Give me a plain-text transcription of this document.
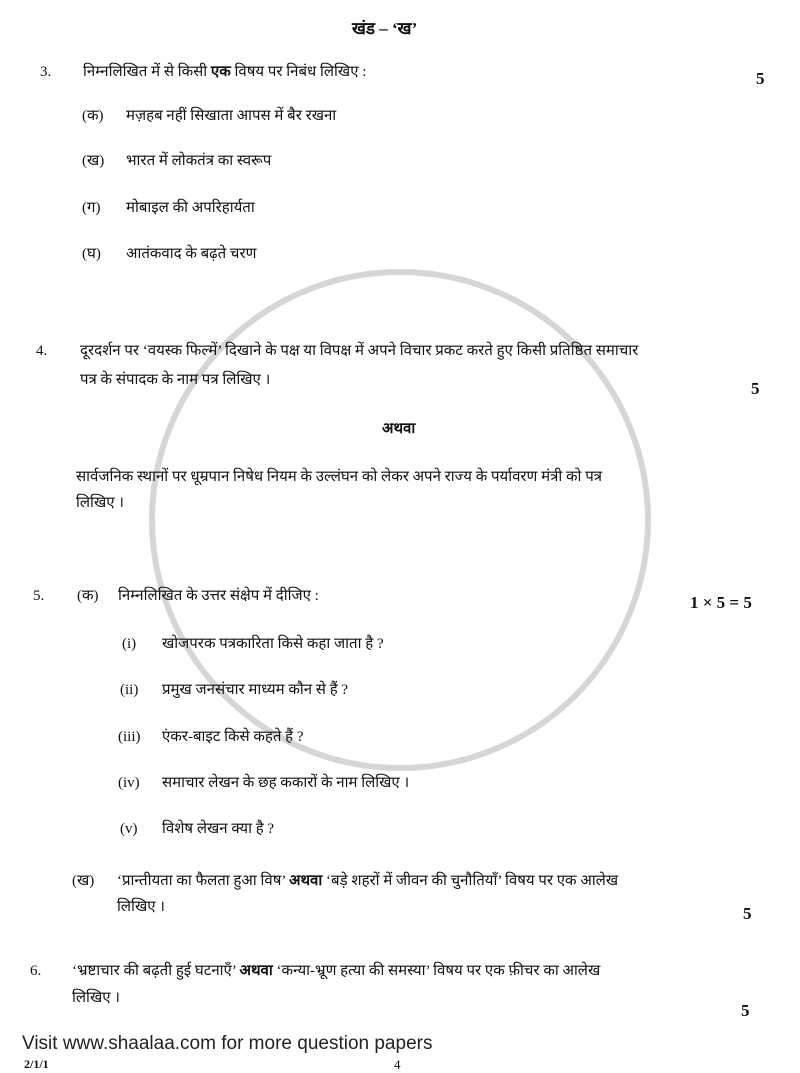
खंड – ‘ख’
3. निम्नलिखित में से किसी एक विषय पर निबंध लिखिए :	5
(क) मज़हब नहीं सिखाता आपस में बैर रखना
(ख) भारत में लोकतंत्र का स्वरूप
(ग) मोबाइल की अपरिहार्यता
(घ) आतंकवाद के बढ़ते चरण
4. दूरदर्शन पर ‘वयस्क फिल्में’ दिखाने के पक्ष या विपक्ष में अपने विचार प्रकट करते हुए किसी प्रतिष्ठित समाचार
पत्र के संपादक के नाम पत्र लिखिए ।	5
अथवा
सार्वजनिक स्थानों पर धूम्रपान निषेध नियम के उल्लंघन को लेकर अपने राज्य के पर्यावरण मंत्री को पत्र
लिखिए ।
5. (क) निम्नलिखित के उत्तर संक्षेप में दीजिए :	1 × 5 = 5
(i) खोजपरक पत्रकारिता किसे कहा जाता है ?
(ii) प्रमुख जनसंचार माध्यम कौन से हैं ?
(iii) एंकर-बाइट किसे कहते हैं ?
(iv) समाचार लेखन के छह ककारों के नाम लिखिए ।
(v) विशेष लेखन क्या है ?
(ख) ‘प्रान्तीयता का फैलता हुआ विष’ अथवा ‘बड़े शहरों में जीवन की चुनौतियाँ’ विषय पर एक आलेख
लिखिए ।	5
6. ‘भ्रष्टाचार की बढ़ती हुई घटनाएँ’ अथवा ‘कन्या-भ्रूण हत्या की समस्या’ विषय पर एक फ़ीचर का आलेख
लिखिए ।
5
Visit www.shaalaa.com for more question papers
2/1/1	4
